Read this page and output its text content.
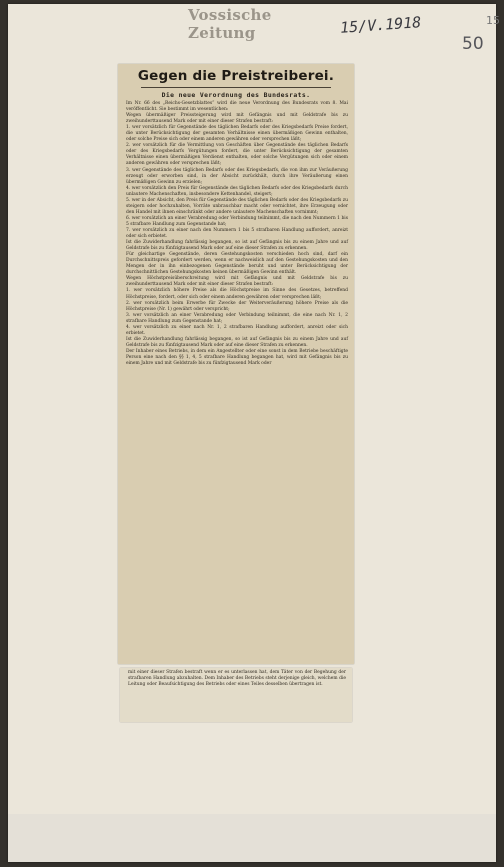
Vossische Zeitung	15/V.1918	15
50
Gegen die Preistreiberei.
Die neue Verordnung des Bundesrats.
Im Nr. 66 des „Reichs-Gesetzblattes“ wird die neue Verordnung des Bundesrats vom 8. Mai veröffentlicht. Sie bestimmt im wesentlichen:
Wegen übermäßiger Preissteigerung wird mit Gefängnis und mit Geldstrafe bis zu zweihunderttausend Mark oder mit einer dieser Strafen bestraft:
1. wer vorsätzlich für Gegenstände des täglichen Bedarfs oder des Kriegsbedarfs Preise fordert, die unter Berücksichtigung der gesamten Verhältnisse einen übermäßigen Gewinn enthalten, oder solche Preise sich oder einem anderen gewähren oder versprechen läßt;
2. wer vorsätzlich für die Vermittlung von Geschäften über Gegenstände des täglichen Bedarfs oder des Kriegsbedarfs Vergütungen fordert, die unter Berücksichtigung der gesamten Verhältnisse einen übermäßigen Verdienst enthalten, oder solche Vergütungen sich oder einem anderen gewähren oder versprechen läßt;
3. wer Gegenstände des täglichen Bedarfs oder des Kriegsbedarfs, die von ihm zur Veräußerung erzeugt oder erworben sind, in der Absicht zurückhält, durch ihre Veräußerung einen übermäßigen Gewinn zu erzielen;
4. wer vorsätzlich den Preis für Gegenstände des täglichen Bedarfs oder des Kriegsbedarfs durch unlautere Machenschaften, insbesondere Kettenhandel, steigert;
5. wer in der Absicht, den Preis für Gegenstände des täglichen Bedarfs oder des Kriegsbedarfs zu steigern oder hochzuhalten, Vorräte unbrauchbar macht oder vernichtet, ihre Erzeugung oder den Handel mit ihnen einschränkt oder andere unlautere Machenschaften vornimmt;
6. wer vorsätzlich an einer Verabredung oder Verbindung teilnimmt, die nach den Nummern 1 bis 5 strafbare Handlung zum Gegenstande hat;
7. wer vorsätzlich zu einer nach den Nummern 1 bis 5 strafbaren Handlung auffordert, anreizt oder sich erbietet.
Ist die Zuwiderhandlung fahrlässig begangen, so ist auf Gefängnis bis zu einem Jahre und auf Geldstrafe bis zu fünfzigtausend Mark oder auf eine dieser Strafen zu erkennen.
Für gleichartige Gegenstände, deren Gestehungskosten verschieden hoch sind, darf ein Durchschnittspreis gefordert werden, wenn er nachweislich auf den Gestehungskosten und den Mengen der in ihn einbezogenen Gegenstände beruht und unter Berücksichtigung der durchschnittlichen Gestehungskosten keinen übermäßigen Gewinn enthält.
Wegen Höchstpreisüberschreitung wird mit Gefängnis und mit Geldstrafe bis zu zweihunderttausend Mark oder mit einer dieser Strafen bestraft:
1. wer vorsätzlich höhere Preise als die Höchstpreise im Sinne des Gesetzes, betreffend Höchstpreise, fordert, oder sich oder einem anderen gewähren oder versprechen läßt;
2. wer vorsätzlich beim Erwerbe für Zwecke der Weiterveräußerung höhere Preise als die Höchstpreise (Nr. 1) gewährt oder verspricht;
3. wer vorsätzlich an einer Verabredung oder Verbindung teilnimmt, die eine nach Nr. 1, 2 strafbare Handlung zum Gegenstande hat;
4. wer vorsätzlich zu einer nach Nr. 1, 2 strafbaren Handlung auffordert, anreizt oder sich erbietet.
Ist die Zuwiderhandlung fahrlässig begangen, so ist auf Gefängnis bis zu einem Jahre und auf Geldstrafe bis zu fünfzigtausend Mark oder auf eine dieser Strafen zu erkennen.
Der Inhaber eines Betriebs, in dem ein Angestellter oder eine sonst in dem Betriebe beschäftigte Person eine nach den §§ 1, 4, 5 strafbare Handlung begangen hat, wird mit Gefängnis bis zu einem Jahre und mit Geldstrafe bis zu fünfzigtausend Mark oder
mit einer dieser Strafen bestraft wenn er es unterlassen hat, dem Täter von der Begehung der strafbaren Handlung abzuhalten. Dem Inhaber des Betriebs steht derjenige gleich, welchem die Leitung oder Beaufsichtigung des Betriebs oder eines Teiles desselben übertragen ist.
